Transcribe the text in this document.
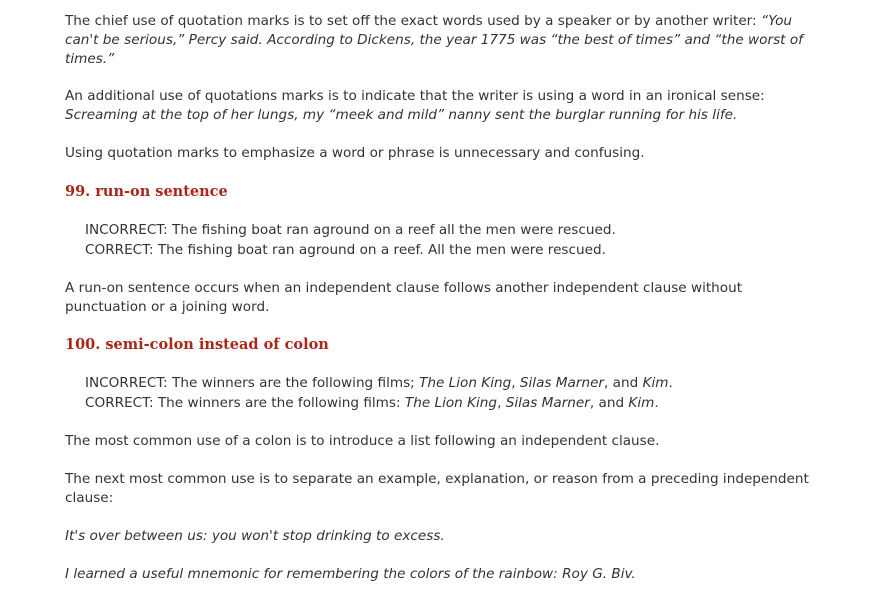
The chief use of quotation marks is to set off the exact words used by a speaker or by another writer: “You can't be serious,” Percy said. According to Dickens, the year 1775 was “the best of times” and “the worst of times.”

An additional use of quotations marks is to indicate that the writer is using a word in an ironical sense: Screaming at the top of her lungs, my “meek and mild” nanny sent the burglar running for his life.

Using quotation marks to emphasize a word or phrase is unnecessary and confusing.

99. run-on sentence
INCORRECT: The fishing boat ran aground on a reef all the men were rescued.
CORRECT: The fishing boat ran aground on a reef. All the men were rescued.

A run-on sentence occurs when an independent clause follows another independent clause without punctuation or a joining word.

100. semi-colon instead of colon
INCORRECT: The winners are the following films; The Lion King, Silas Marner, and Kim.
CORRECT: The winners are the following films: The Lion King, Silas Marner, and Kim.

The most common use of a colon is to introduce a list following an independent clause.

The next most common use is to separate an example, explanation, or reason from a preceding independent clause:

It's over between us: you won't stop drinking to excess.

I learned a useful mnemonic for remembering the colors of the rainbow: Roy G. Biv.
